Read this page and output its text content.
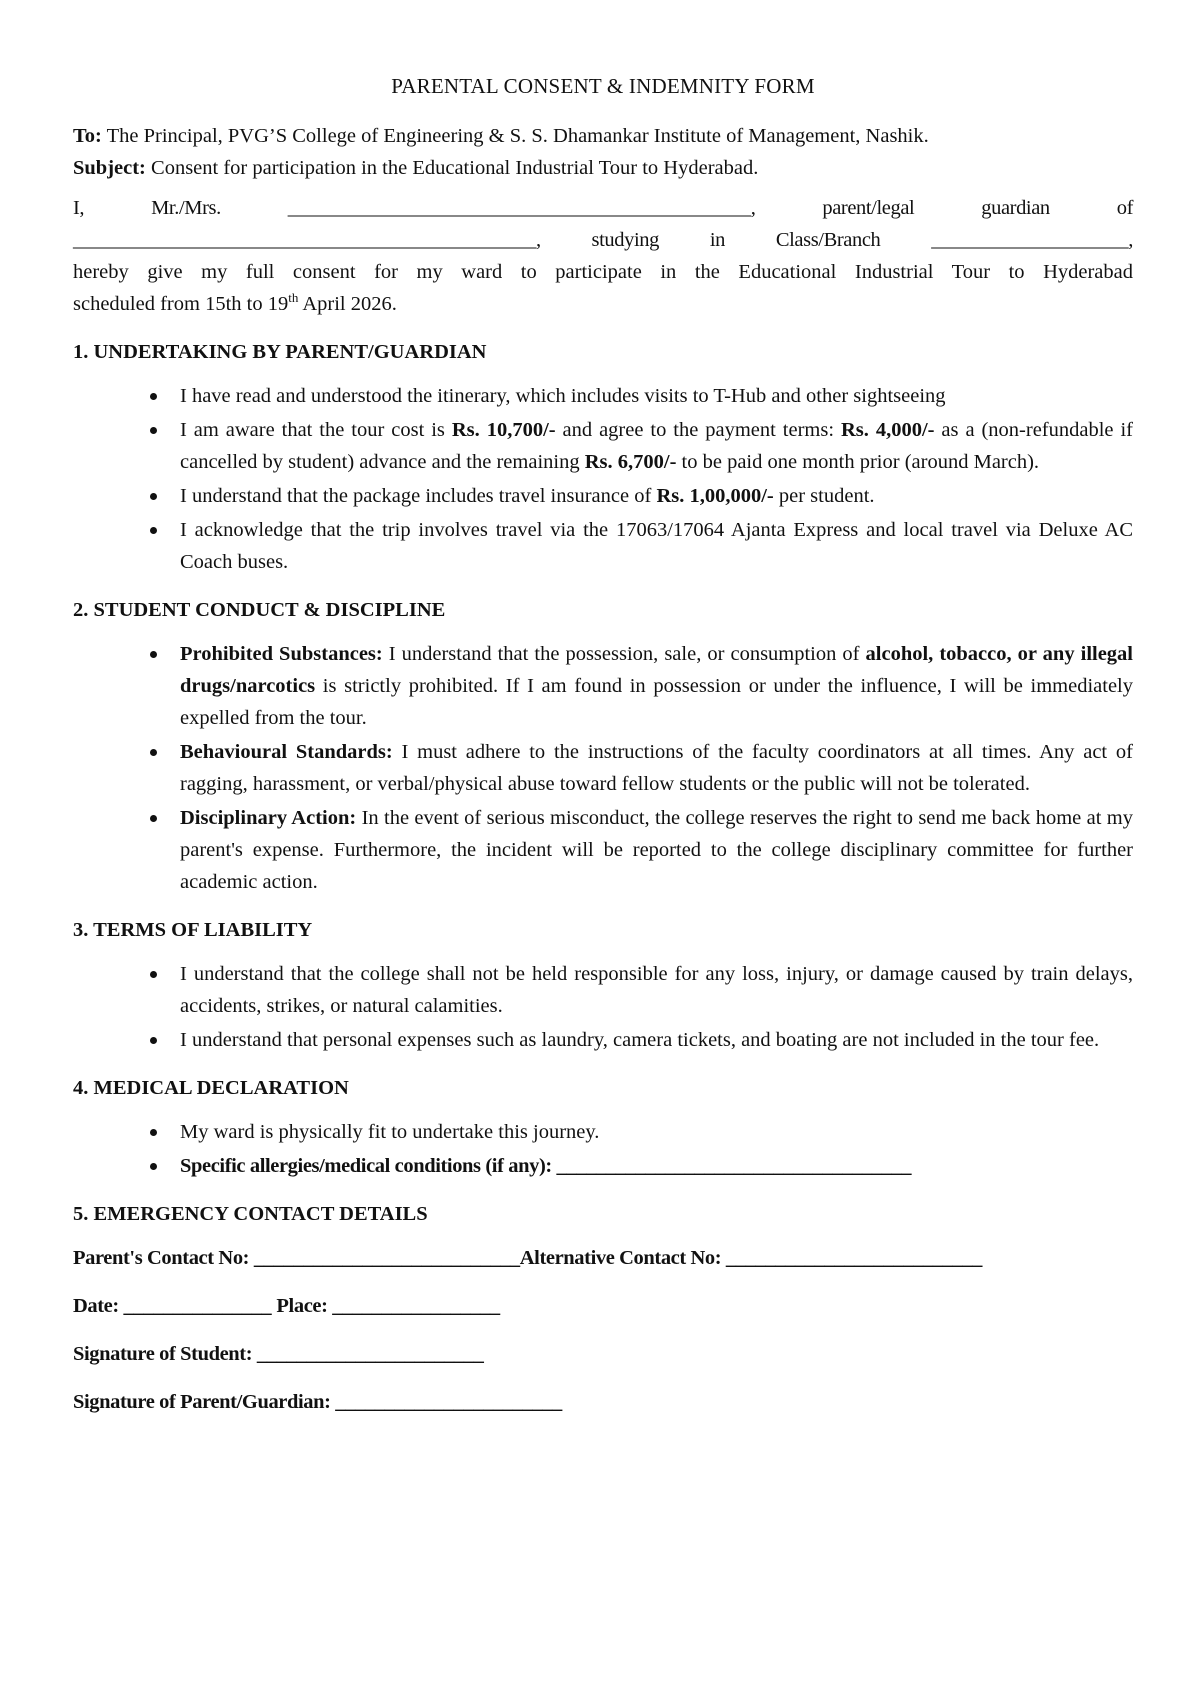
PARENTAL CONSENT & INDEMNITY FORM

To: The Principal, PVG’S College of Engineering & S. S. Dhamankar Institute of Management, Nashik.

Subject: Consent for participation in the Educational Industrial Tour to Hyderabad.

I,  Mr./Mrs.  _______________________________________________,  parent/legal  guardian  of

_______________________________________________,  studying  in  Class/Branch  ____________________,

hereby give my full consent for my ward to participate in the Educational Industrial Tour to Hyderabad

scheduled from 15th to 19th April 2026.

1. UNDERTAKING BY PARENT/GUARDIAN

I have read and understood the itinerary, which includes visits to T-Hub and other sightseeing
I am aware that the tour cost is Rs. 10,700/- and agree to the payment terms: Rs. 4,000/- as a (non-refundable if cancelled by student) advance and the remaining Rs. 6,700/- to be paid one month prior (around March).
I understand that the package includes travel insurance of Rs. 1,00,000/- per student.
I acknowledge that the trip involves travel via the 17063/17064 Ajanta Express and local travel via Deluxe AC Coach buses.

2. STUDENT CONDUCT & DISCIPLINE

Prohibited Substances: I understand that the possession, sale, or consumption of alcohol, tobacco, or any illegal drugs/narcotics is strictly prohibited. If I am found in possession or under the influence, I will be immediately expelled from the tour.
Behavioural Standards: I must adhere to the instructions of the faculty coordinators at all times. Any act of ragging, harassment, or verbal/physical abuse toward fellow students or the public will not be tolerated.
Disciplinary Action: In the event of serious misconduct, the college reserves the right to send me back home at my parent's expense. Furthermore, the incident will be reported to the college disciplinary committee for further academic action.

3. TERMS OF LIABILITY

I understand that the college shall not be held responsible for any loss, injury, or damage caused by train delays, accidents, strikes, or natural calamities.
I understand that personal expenses such as laundry, camera tickets, and boating are not included in the tour fee.

4. MEDICAL DECLARATION

My ward is physically fit to undertake this journey.
Specific allergies/medical conditions (if any): ____________________________________

5. EMERGENCY CONTACT DETAILS

Parent's Contact No: ___________________________Alternative Contact No: __________________________

Date: _______________ Place: _________________

Signature of Student: _______________________

Signature of Parent/Guardian: _______________________
